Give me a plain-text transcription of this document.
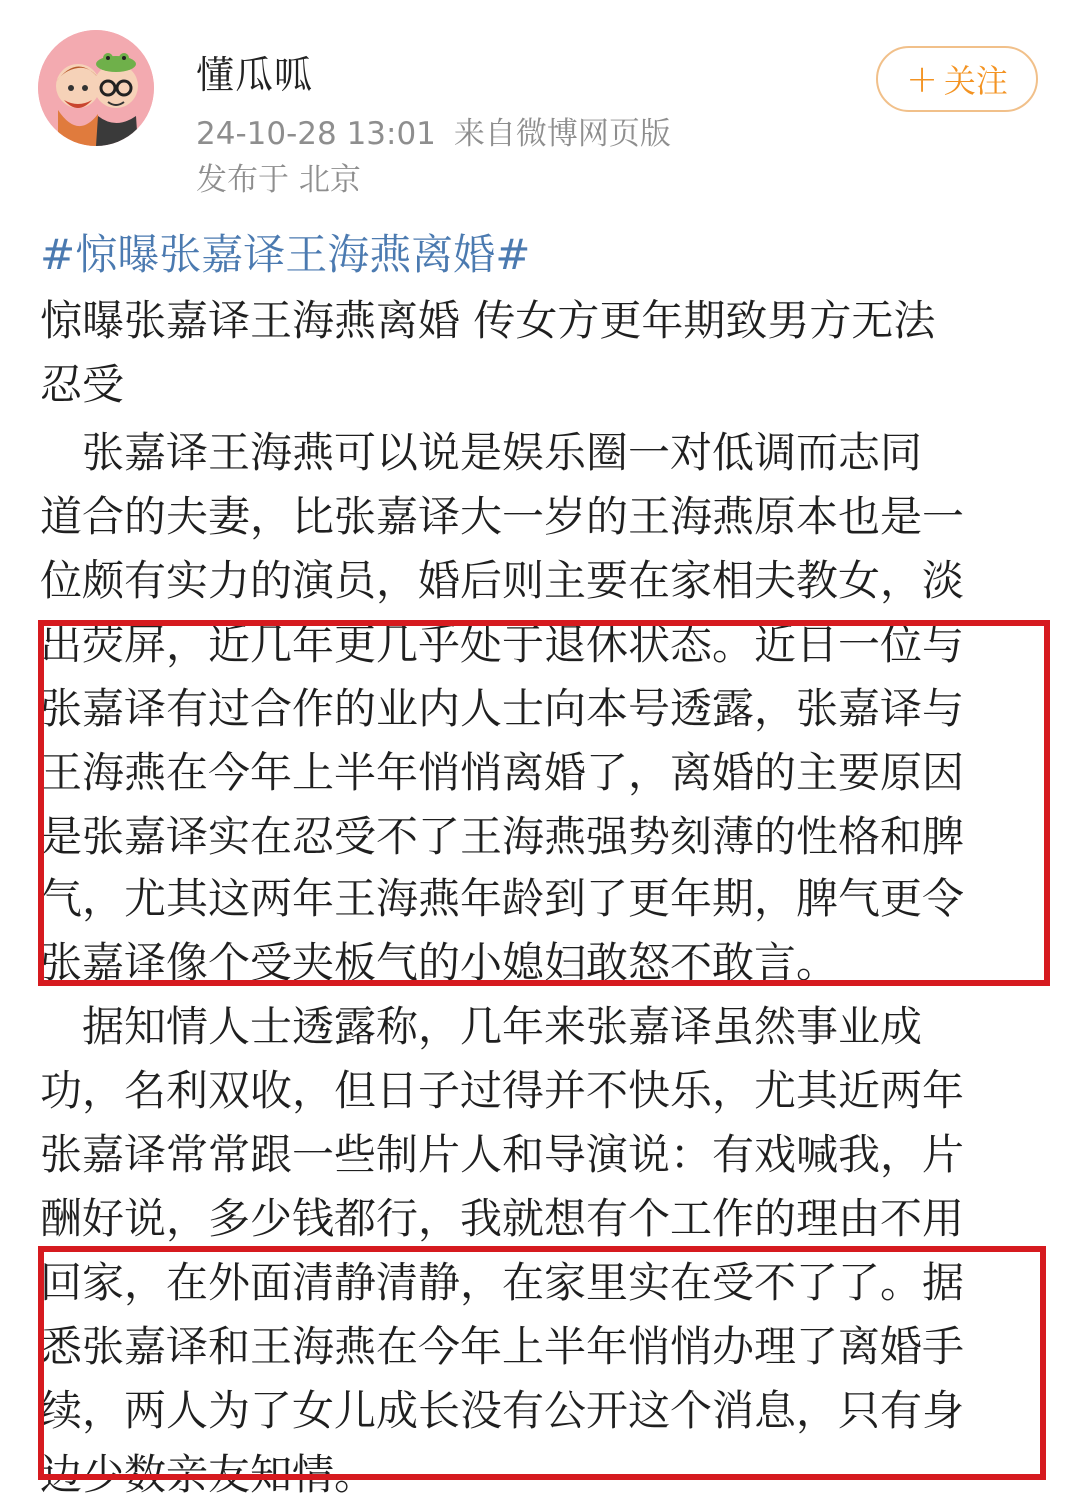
懂瓜呱
24-10-28 13:01 来自微博网页版
发布于 北京
+ 关注
#惊曝张嘉译王海燕离婚#
惊曝张嘉译王海燕离婚 传女方更年期致男方无法
忍受
　张嘉译王海燕可以说是娱乐圈一对低调而志同
道合的夫妻，比张嘉译大一岁的王海燕原本也是一
位颇有实力的演员，婚后则主要在家相夫教女，淡
出荧屏，近几年更几乎处于退休状态。近日一位与
张嘉译有过合作的业内人士向本号透露，张嘉译与
王海燕在今年上半年悄悄离婚了，离婚的主要原因
是张嘉译实在忍受不了王海燕强势刻薄的性格和脾
气，尤其这两年王海燕年龄到了更年期，脾气更令
张嘉译像个受夹板气的小媳妇敢怒不敢言。
　据知情人士透露称，几年来张嘉译虽然事业成
功，名利双收，但日子过得并不快乐，尤其近两年
张嘉译常常跟一些制片人和导演说：有戏喊我，片
酬好说，多少钱都行，我就想有个工作的理由不用
回家，在外面清静清静，在家里实在受不了了。据
悉张嘉译和王海燕在今年上半年悄悄办理了离婚手
续，两人为了女儿成长没有公开这个消息，只有身
边少数亲友知情。
